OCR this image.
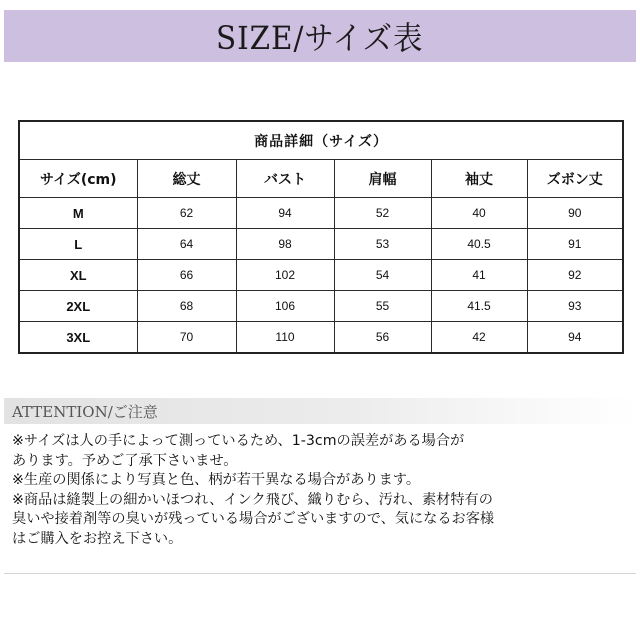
SIZE/サイズ表
商品詳細（サイズ）					
サイズ(cm)	総丈	バスト	肩幅	袖丈	ズボン丈
M	62	94	52	40	90
L	64	98	53	40.5	91
XL	66	102	54	41	92
2XL	68	106	55	41.5	93
3XL	70	110	56	42	94
ATTENTION/ご注意
※サイズは人の手によって測っているため、1-3cmの誤差がある場合が
あります。予めご了承下さいませ。
※生産の関係により写真と色、柄が若干異なる場合があります。
※商品は縫製上の細かいほつれ、インク飛び、織りむら、汚れ、素材特有の
臭いや接着剤等の臭いが残っている場合がございますので、気になるお客様
はご購入をお控え下さい。
